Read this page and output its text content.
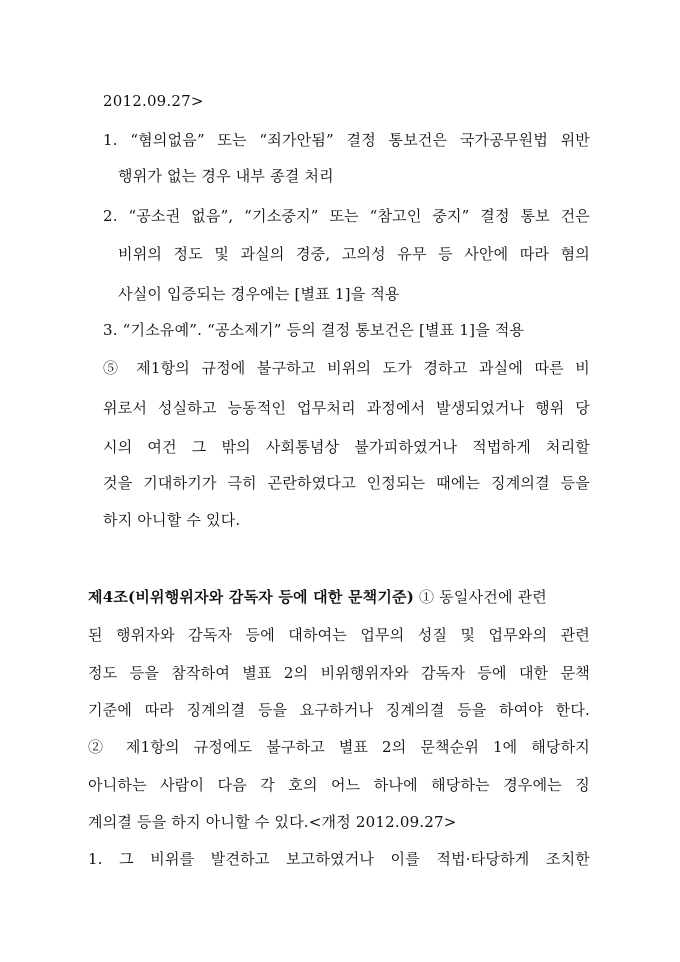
2012.09.27>
1. “혐의없음” 또는 “죄가안됨” 결정 통보건은 국가공무원법 위반
행위가 없는 경우 내부 종결 처리
2. “공소권 없음”, “기소중지” 또는 “참고인 중지” 결정 통보 건은
비위의 정도 및 과실의 경중, 고의성 유무 등 사안에 따라 혐의
사실이 입증되는 경우에는 [별표 1]을 적용
3. “기소유예”. “공소제기” 등의 결정 통보건은 [별표 1]을 적용
⑤ 제1항의 규정에 불구하고 비위의 도가 경하고 과실에 따른 비
위로서 성실하고 능동적인 업무처리 과정에서 발생되었거나 행위 당
시의 여건 그 밖의 사회통념상 불가피하였거나 적법하게 처리할
것을 기대하기가 극히 곤란하였다고 인정되는 때에는 징계의결 등을
하지 아니할 수 있다.
제4조(비위행위자와 감독자 등에 대한 문책기준) ① 동일사건에 관련
된 행위자와 감독자 등에 대하여는 업무의 성질 및 업무와의 관련
정도 등을 참작하여 별표 2의 비위행위자와 감독자 등에 대한 문책
기준에 따라 징계의결 등을 요구하거나 징계의결 등을 하여야 한다.
② 제1항의 규정에도 불구하고 별표 2의 문책순위 1에 해당하지
아니하는 사람이 다음 각 호의 어느 하나에 해당하는 경우에는 징
계의결 등을 하지 아니할 수 있다.<개정 2012.09.27>
1. 그 비위를 발견하고 보고하였거나 이를 적법·타당하게 조치한
